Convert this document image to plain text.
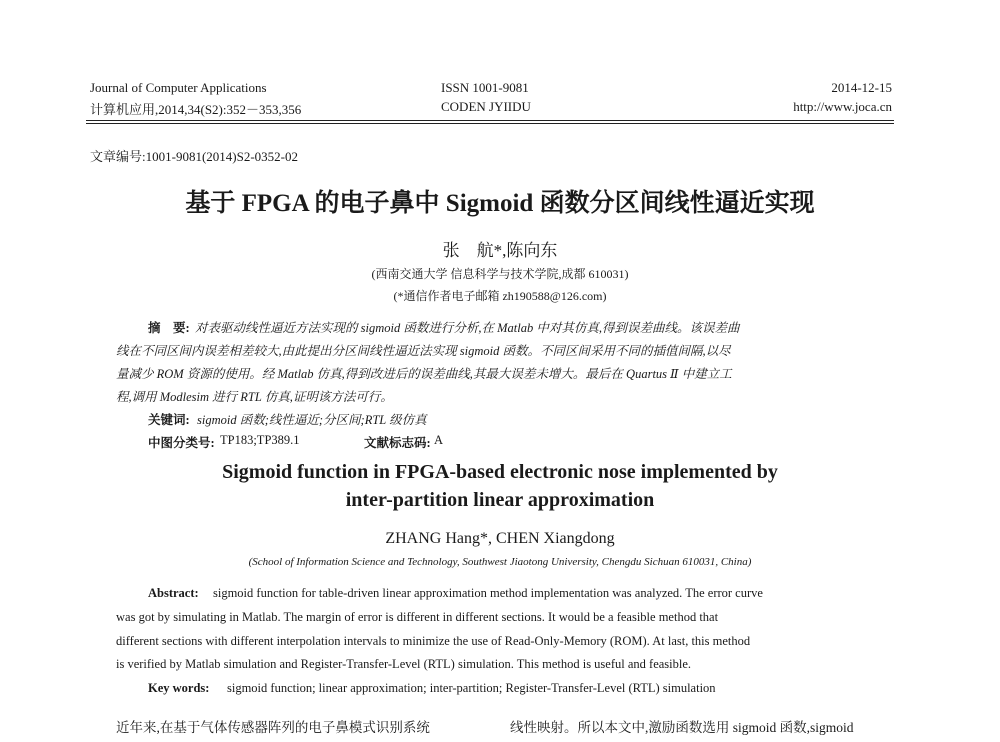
Journal of Computer Applications
计算机应用,2014,34(S2):352－353,356
ISSN 1001-9081
CODEN JYIIDU
2014-12-15
http://www.joca.cn
文章编号:1001-9081(2014)S2-0352-02
基于 FPGA 的电子鼻中 Sigmoid 函数分区间线性逼近实现
张　航*,陈向东
(西南交通大学 信息科学与技术学院,成都 610031)
(*通信作者电子邮箱 zh190588@126.com)
摘　要: 对表驱动线性逼近方法实现的 sigmoid 函数进行分析,在 Matlab 中对其仿真,得到误差曲线。该误差曲
线在不同区间内误差相差较大,由此提出分区间线性逼近法实现 sigmoid 函数。不同区间采用不同的插值间隔,以尽
量减少 ROM 资源的使用。经 Matlab 仿真,得到改进后的误差曲线,其最大误差未增大。最后在 Quartus Ⅱ 中建立工
程,调用 Modlesim 进行 RTL 仿真,证明该方法可行。
关键词: sigmoid 函数;线性逼近;分区间;RTL 级仿真
中图分类号: TP183;TP389.1	文献标志码: A
Sigmoid function in FPGA-based electronic nose implemented by
inter-partition linear approximation
ZHANG Hang*, CHEN Xiangdong
(School of Information Science and Technology, Southwest Jiaotong University, Chengdu Sichuan 610031, China)
Abstract: sigmoid function for table-driven linear approximation method implementation was analyzed. The error curve
was got by simulating in Matlab. The margin of error is different in different sections. It would be a feasible method that
different sections with different interpolation intervals to minimize the use of Read-Only-Memory (ROM). At last, this method
is verified by Matlab simulation and Register-Transfer-Level (RTL) simulation. This method is useful and feasible.
Key words: sigmoid function; linear approximation; inter-partition; Register-Transfer-Level (RTL) simulation
近年来,在基于气体传感器阵列的电子鼻模式识别系统	线性映射。所以本文中,激励函数选用 sigmoid 函数,sigmoid
